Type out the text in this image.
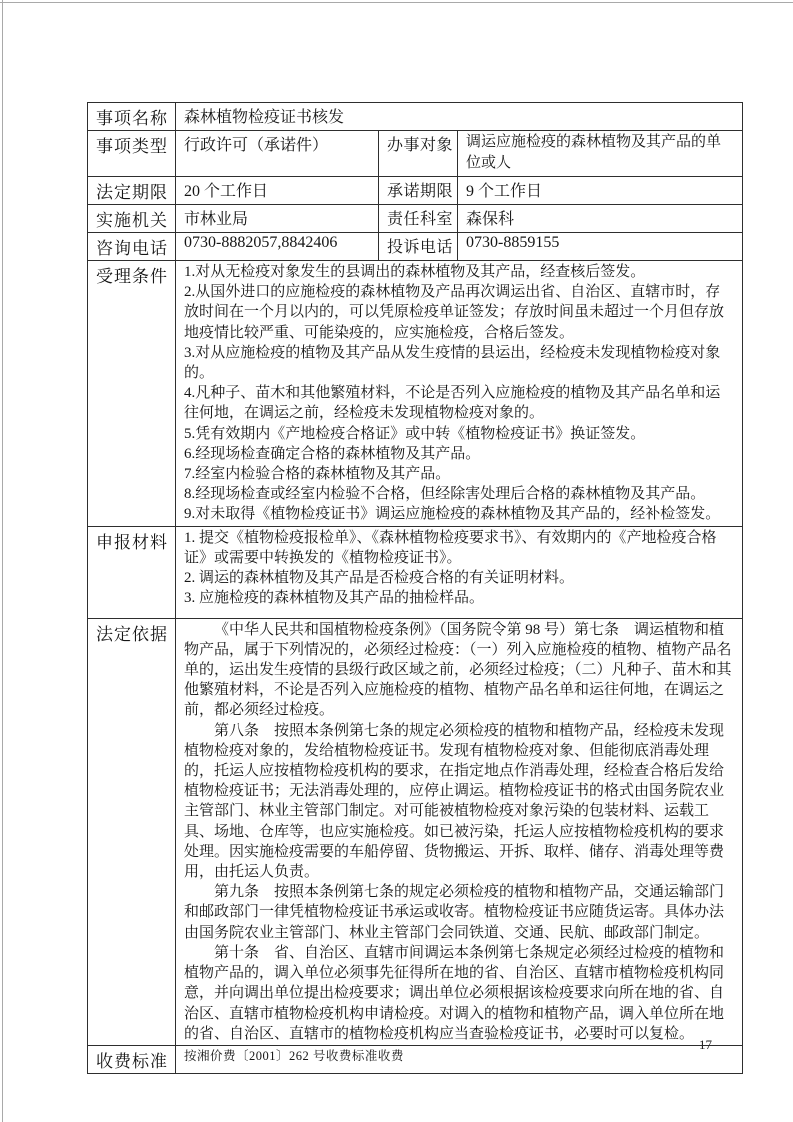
事项名称	森林植物检疫证书核发		
事项类型	行政许可（承诺件）	办事对象	调运应施检疫的森林植物及其产品的单位或人
法定期限	20 个工作日	承诺期限	9 个工作日
实施机关	市林业局	责任科室	森保科
咨询电话	0730-8882057,8842406	投诉电话	0730-8859155
受理条件	1.对从无检疫对象发生的县调出的森林植物及其产品，经查核后签发。
2.从国外进口的应施检疫的森林植物及产品再次调运出省、自治区、直辖市时，存放时间在一个月以内的，可以凭原检疫单证签发；存放时间虽未超过一个月但存放地疫情比较严重、可能染疫的，应实施检疫，合格后签发。
3.对从应施检疫的植物及其产品从发生疫情的县运出，经检疫未发现植物检疫对象的。
4.凡种子、苗木和其他繁殖材料，不论是否列入应施检疫的植物及其产品名单和运往何地，在调运之前，经检疫未发现植物检疫对象的。
5.凭有效期内《产地检疫合格证》或中转《植物检疫证书》换证签发。
6.经现场检查确定合格的森林植物及其产品。
7.经室内检验合格的森林植物及其产品。
8.经现场检查或经室内检验不合格，但经除害处理后合格的森林植物及其产品。
9.对未取得《植物检疫证书》调运应施检疫的森林植物及其产品的，经补检签发。

申报材料	1. 提交《植物检疫报检单》、《森林植物检疫要求书》、有效期内的《产地检疫合格证》或需要中转换发的《植物检疫证书》。
2. 调运的森林植物及其产品是否检疫合格的有关证明材料。
3. 应施检疫的森林植物及其产品的抽检样品。		

法定依据	《中华人民共和国植物检疫条例》（国务院令第 98 号）第七条　调运植物和植物产品，属于下列情况的，必须经过检疫：（一）列入应施检疫的植物、植物产品名单的，运出发生疫情的县级行政区域之前，必须经过检疫；（二）凡种子、苗木和其他繁殖材料，不论是否列入应施检疫的植物、植物产品名单和运往何地，在调运之前，都必须经过检疫。
第八条　按照本条例第七条的规定必须检疫的植物和植物产品，经检疫未发现植物检疫对象的，发给植物检疫证书。发现有植物检疫对象、但能彻底消毒处理的，托运人应按植物检疫机构的要求，在指定地点作消毒处理，经检查合格后发给植物检疫证书；无法消毒处理的，应停止调运。植物检疫证书的格式由国务院农业主管部门、林业主管部门制定。对可能被植物检疫对象污染的包装材料、运载工具、场地、仓库等，也应实施检疫。如已被污染，托运人应按植物检疫机构的要求处理。因实施检疫需要的车船停留、货物搬运、开拆、取样、储存、消毒处理等费用，由托运人负责。
第九条　按照本条例第七条的规定必须检疫的植物和植物产品，交通运输部门和邮政部门一律凭植物检疫证书承运或收寄。植物检疫证书应随货运寄。具体办法由国务院农业主管部门、林业主管部门会同铁道、交通、民航、邮政部门制定。
第十条　省、自治区、直辖市间调运本条例第七条规定必须经过检疫的植物和植物产品的，调入单位必须事先征得所在地的省、自治区、直辖市植物检疫机构同意，并向调出单位提出检疫要求；调出单位必须根据该检疫要求向所在地的省、自治区、直辖市植物检疫机构申请检疫。对调入的植物和植物产品，调入单位所在地的省、自治区、直辖市的植物检疫机构应当查验检疫证书，必要时可以复检。		

收费标准	按湘价费〔2001〕262 号收费标准收费		
17
